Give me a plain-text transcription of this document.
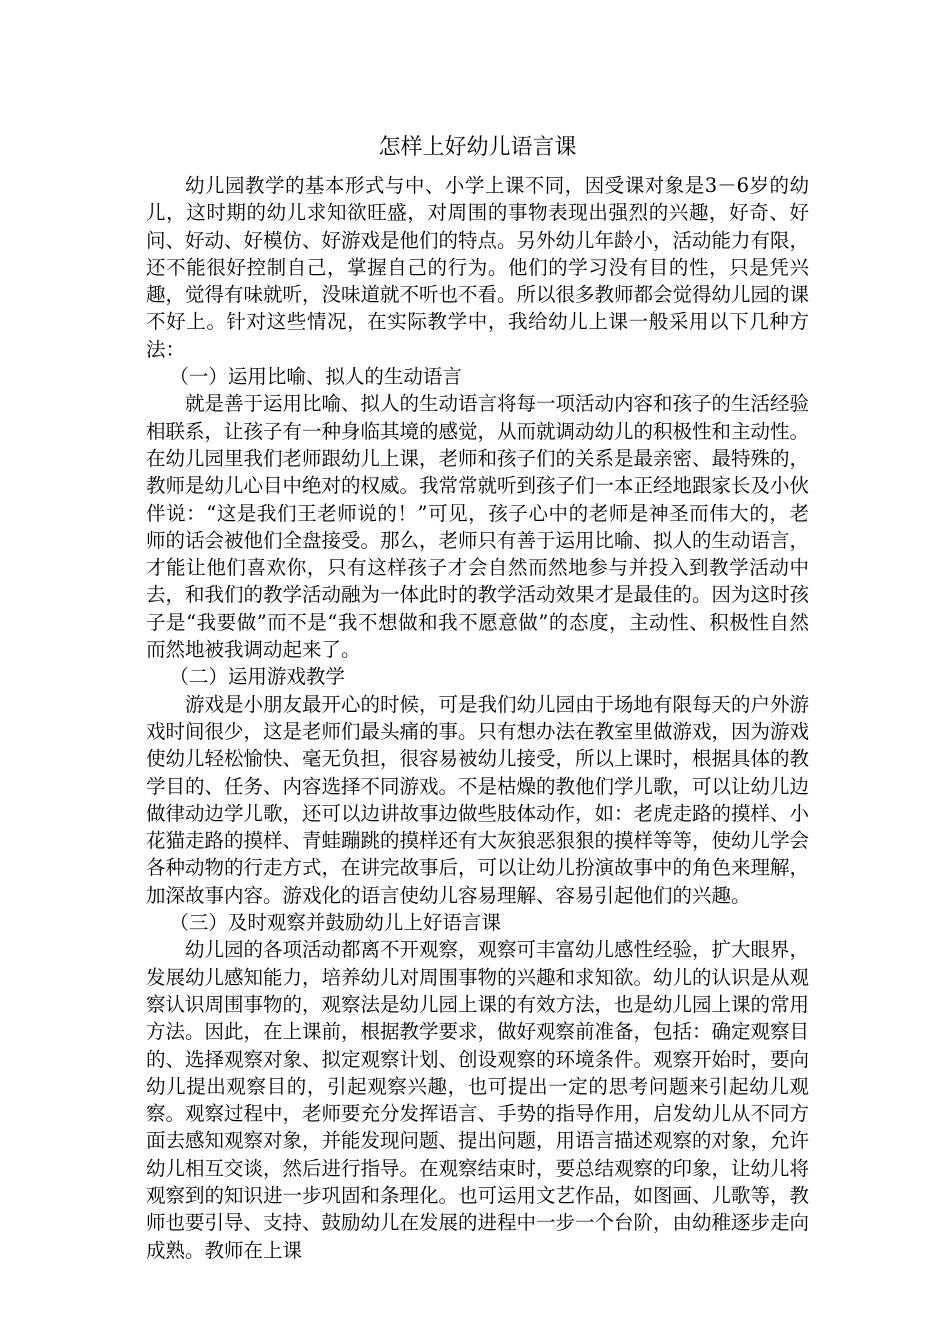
怎样上好幼儿语言课

幼儿园教学的基本形式与中、小学上课不同，因受课对象是3－6岁的幼儿，这时期的幼儿求知欲旺盛，对周围的事物表现出强烈的兴趣，好奇、好问、好动、好模仿、好游戏是他们的特点。另外幼儿年龄小，活动能力有限，还不能很好控制自己，掌握自己的行为。他们的学习没有目的性，只是凭兴趣，觉得有味就听，没味道就不听也不看。所以很多教师都会觉得幼儿园的课不好上。针对这些情况，在实际教学中，我给幼儿上课一般采用以下几种方法：

（一）运用比喻、拟人的生动语言

就是善于运用比喻、拟人的生动语言将每一项活动内容和孩子的生活经验相联系，让孩子有一种身临其境的感觉，从而就调动幼儿的积极性和主动性。在幼儿园里我们老师跟幼儿上课，老师和孩子们的关系是最亲密、最特殊的，教师是幼儿心目中绝对的权威。我常常就听到孩子们一本正经地跟家长及小伙伴说：“这是我们王老师说的！”可见，孩子心中的老师是神圣而伟大的，老师的话会被他们全盘接受。那么，老师只有善于运用比喻、拟人的生动语言，才能让他们喜欢你，只有这样孩子才会自然而然地参与并投入到教学活动中去，和我们的教学活动融为一体此时的教学活动效果才是最佳的。因为这时孩子是“我要做”而不是“我不想做和我不愿意做”的态度，主动性、积极性自然而然地被我调动起来了。

（二）运用游戏教学

游戏是小朋友最开心的时候，可是我们幼儿园由于场地有限每天的户外游戏时间很少，这是老师们最头痛的事。只有想办法在教室里做游戏，因为游戏使幼儿轻松愉快、毫无负担，很容易被幼儿接受，所以上课时，根据具体的教学目的、任务、内容选择不同游戏。不是枯燥的教他们学儿歌，可以让幼儿边做律动边学儿歌，还可以边讲故事边做些肢体动作，如：老虎走路的摸样、小花猫走路的摸样、青蛙蹦跳的摸样还有大灰狼恶狠狠的摸样等等，使幼儿学会各种动物的行走方式，在讲完故事后，可以让幼儿扮演故事中的角色来理解，加深故事内容。游戏化的语言使幼儿容易理解、容易引起他们的兴趣。

（三）及时观察并鼓励幼儿上好语言课

幼儿园的各项活动都离不开观察，观察可丰富幼儿感性经验，扩大眼界，发展幼儿感知能力，培养幼儿对周围事物的兴趣和求知欲。幼儿的认识是从观察认识周围事物的，观察法是幼儿园上课的有效方法，也是幼儿园上课的常用方法。因此，在上课前，根据教学要求，做好观察前准备，包括：确定观察目的、选择观察对象、拟定观察计划、创设观察的环境条件。观察开始时，要向幼儿提出观察目的，引起观察兴趣，也可提出一定的思考问题来引起幼儿观察。观察过程中，老师要充分发挥语言、手势的指导作用，启发幼儿从不同方面去感知观察对象，并能发现问题、提出问题，用语言描述观察的对象，允许幼儿相互交谈，然后进行指导。在观察结束时，要总结观察的印象，让幼儿将观察到的知识进一步巩固和条理化。也可运用文艺作品，如图画、儿歌等，教师也要引导、支持、鼓励幼儿在发展的进程中一步一个台阶，由幼稚逐步走向成熟。教师在上课
